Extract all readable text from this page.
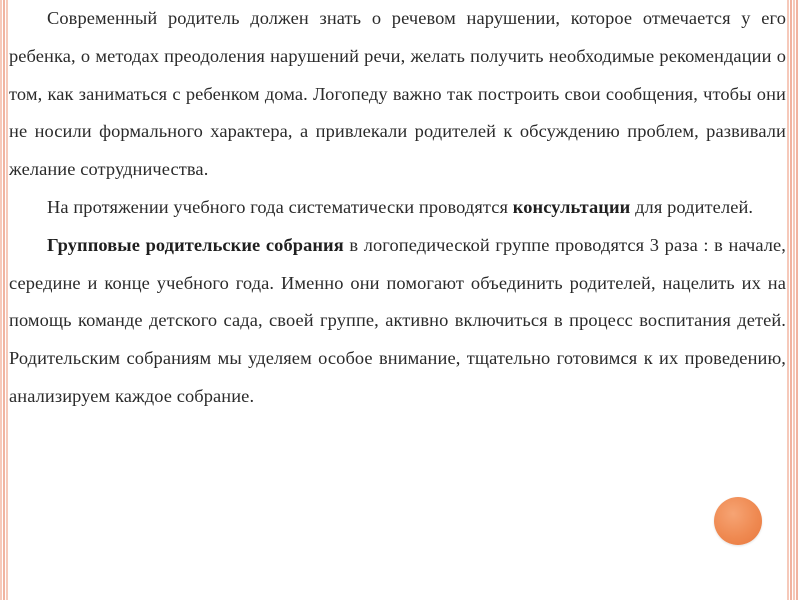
Современный родитель должен знать о речевом нарушении, которое отмечается у его ребенка, о методах преодоления нарушений речи, желать получить необходимые рекомендации о том, как заниматься с ребенком дома. Логопеду важно так построить свои сообщения, чтобы они не носили формального характера, а привлекали родителей к обсуждению проблем, развивали желание сотрудничества.

На протяжении учебного года систематически проводятся консультации для родителей.

Групповые родительские собрания в логопедической группе проводятся 3 раза : в начале, середине и конце учебного года. Именно они помогают объединить родителей, нацелить их на помощь команде детского сада, своей группе, активно включиться в процесс воспитания детей. Родительским собраниям мы уделяем особое внимание, тщательно готовимся к их проведению, анализируем каждое собрание.
